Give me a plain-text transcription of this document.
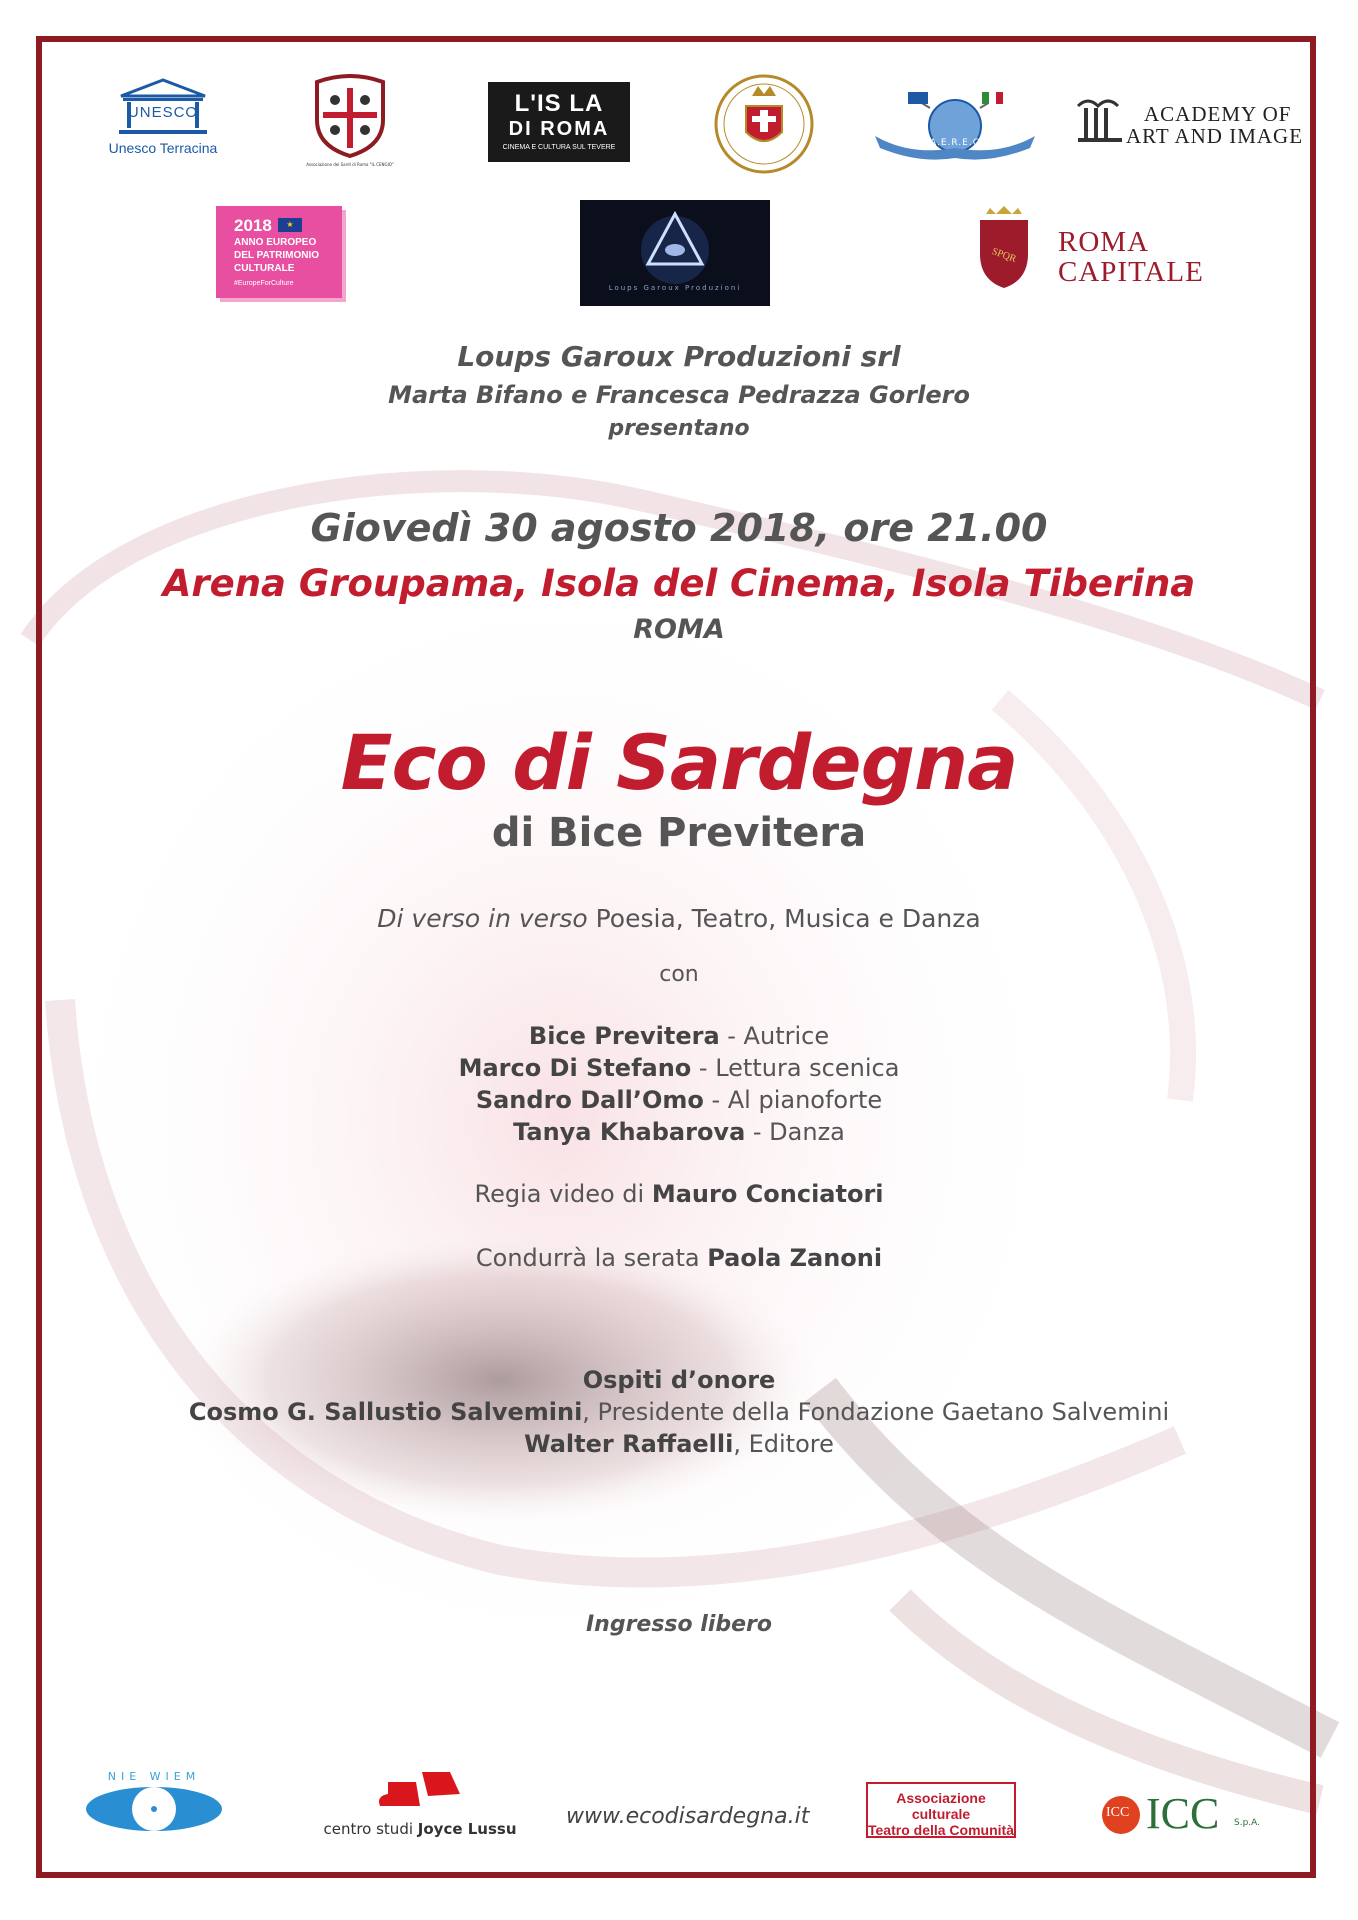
UNESCO
Unesco Terracina
Associazione dei Sardi di Roma "IL CENGIO"
L'IS LA
DI ROMA
CINEMA E CULTURA SUL TEVERE	A.E.R.E.C
ACADEMY OF
ART AND IMAGE
2018	★
ANNO EUROPEO
DEL PATRIMONIO
CULTURALE
#EuropeForCulture
Loups Garoux Produzioni
SPQR ROMA
CAPITALE
Loups Garoux Produzioni srl
Marta Bifano e Francesca Pedrazza Gorlero
presentano
Giovedì 30 agosto 2018, ore 21.00
Arena Groupama, Isola del Cinema, Isola Tiberina
ROMA
Eco di Sardegna
di Bice Previtera
Di verso in verso Poesia, Teatro, Musica e Danza
con
Bice Previtera - Autrice
Marco Di Stefano - Lettura scenica
Sandro Dall’Omo - Al pianoforte
Tanya Khabarova - Danza
Regia video di Mauro Conciatori
Condurrà la serata Paola Zanoni
Ospiti d’onore
Cosmo G. Sallustio Salvemini, Presidente della Fondazione Gaetano Salvemini
Walter Raffaelli, Editore
Ingresso libero
NIE WIEM
centro studi Joyce Lussu www.ecodisardegna.it
Associazione culturale
Teatro della Comunità
ICC ICC S.p.A.
